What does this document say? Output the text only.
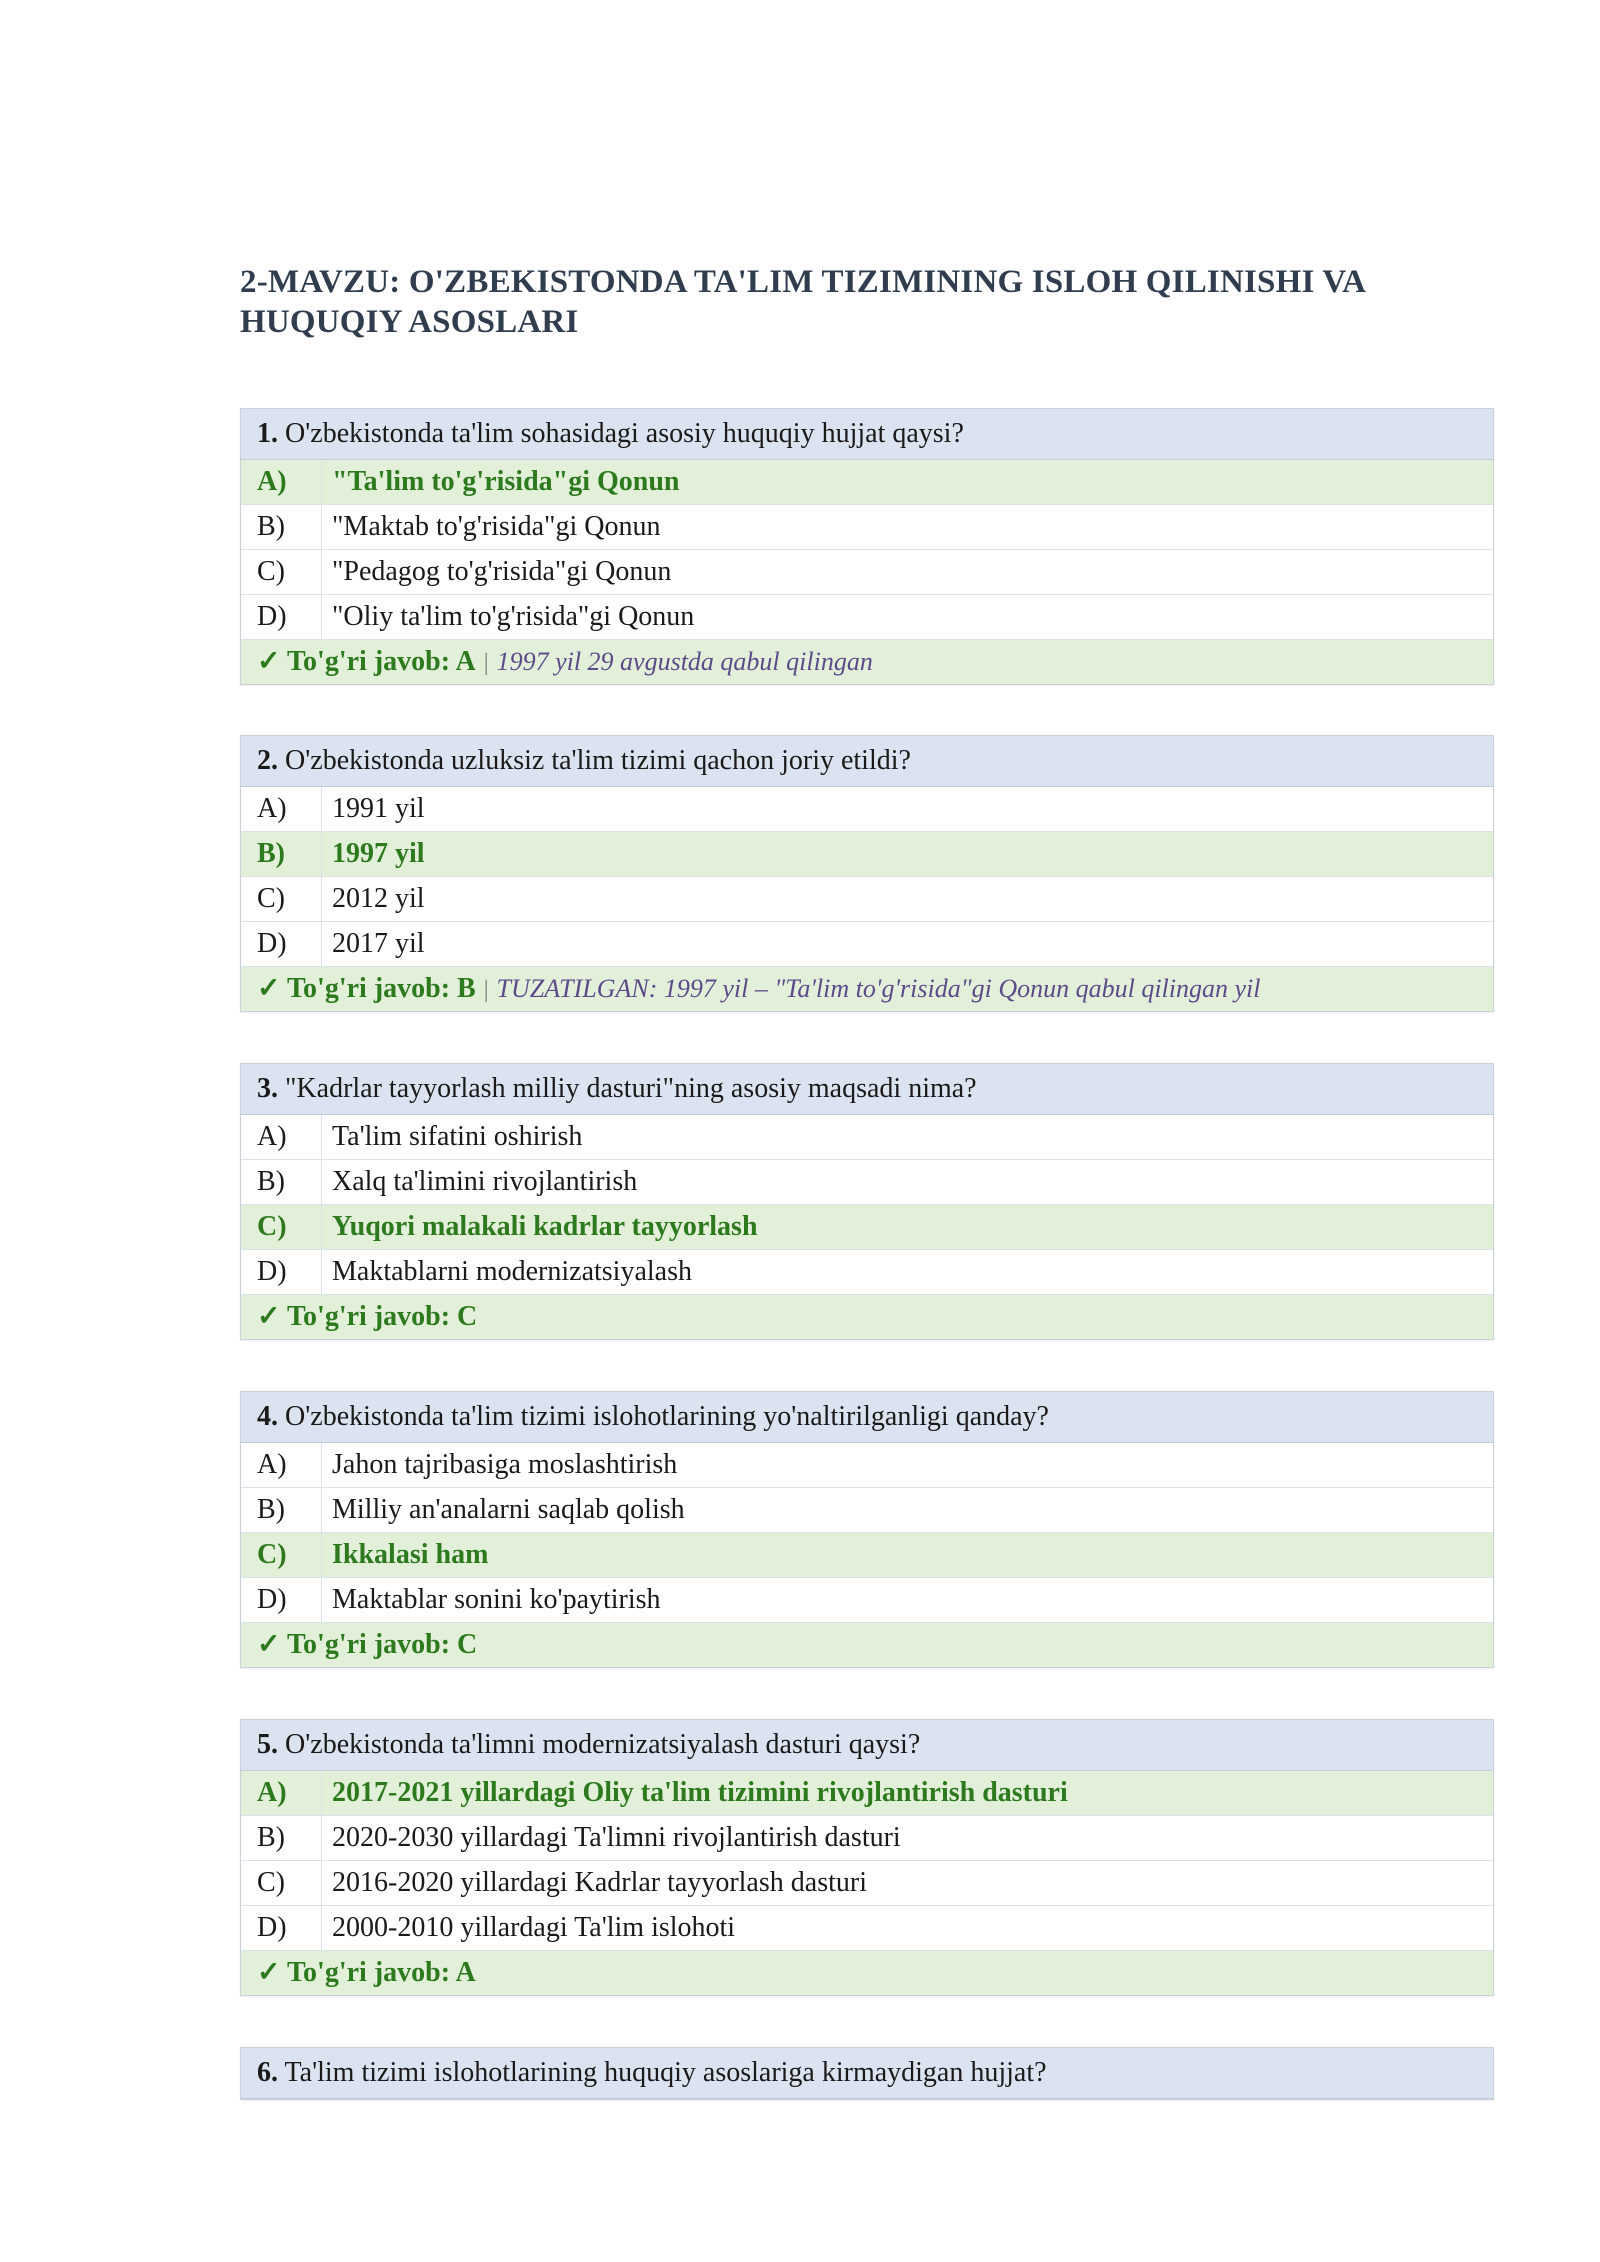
2-MAVZU: O'ZBEKISTONDA TA'LIM TIZIMINING ISLOH QILINISHI VA HUQUQIY ASOSLARI
1. O'zbekistonda ta'lim sohasidagi asosiy huquqiy hujjat qaysi?
A)	"Ta'lim to'g'risida"gi Qonun
B)	"Maktab to'g'risida"gi Qonun
C)	"Pedagog to'g'risida"gi Qonun
D)	"Oliy ta'lim to'g'risida"gi Qonun
✓ To'g'ri javob: A | 1997 yil 29 avgustda qabul qilingan
2. O'zbekistonda uzluksiz ta'lim tizimi qachon joriy etildi?
A)	1991 yil
B)	1997 yil
C)	2012 yil
D)	2017 yil
✓ To'g'ri javob: B | TUZATILGAN: 1997 yil – "Ta'lim to'g'risida"gi Qonun qabul qilingan yil
3. "Kadrlar tayyorlash milliy dasturi"ning asosiy maqsadi nima?
A)	Ta'lim sifatini oshirish
B)	Xalq ta'limini rivojlantirish
C)	Yuqori malakali kadrlar tayyorlash
D)	Maktablarni modernizatsiyalash
✓ To'g'ri javob: C
4. O'zbekistonda ta'lim tizimi islohotlarining yo'naltirilganligi qanday?
A)	Jahon tajribasiga moslashtirish
B)	Milliy an'analarni saqlab qolish
C)	Ikkalasi ham
D)	Maktablar sonini ko'paytirish
✓ To'g'ri javob: C
5. O'zbekistonda ta'limni modernizatsiyalash dasturi qaysi?
A)	2017-2021 yillardagi Oliy ta'lim tizimini rivojlantirish dasturi
B)	2020-2030 yillardagi Ta'limni rivojlantirish dasturi
C)	2016-2020 yillardagi Kadrlar tayyorlash dasturi
D)	2000-2010 yillardagi Ta'lim islohoti
✓ To'g'ri javob: A
6. Ta'lim tizimi islohotlarining huquqiy asoslariga kirmaydigan hujjat?
